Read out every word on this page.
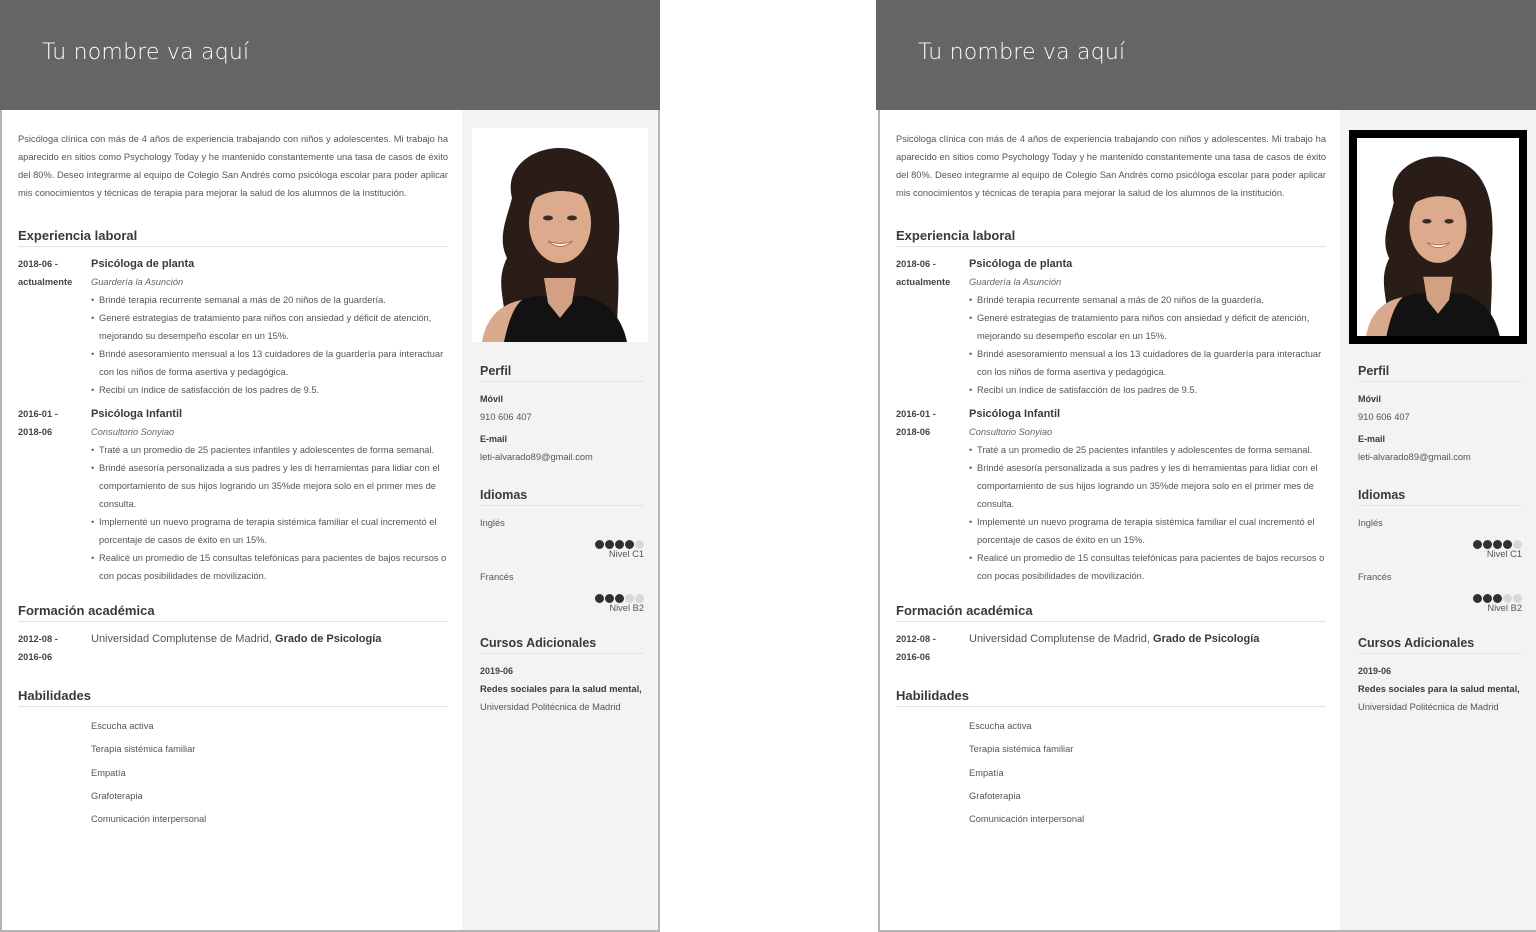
Tu nombre va aquí

Psicóloga clínica con más de 4 años de experiencia trabajando con niños y adolescentes. Mi trabajo ha aparecido en sitios como Psychology Today y he mantenido constantemente una tasa de casos de éxito del 80%. Deseo integrarme al equipo de Colegio San Andrés como psicóloga escolar para poder aplicar mis conocimientos y técnicas de terapia para mejorar la salud de los alumnos de la institución.

Experiencia laboral
2018-06 -
actualmente
Psicóloga de planta
Guardería la Asunción
• Brindé terapia recurrente semanal a más de 20 niños de la guardería.
• Generé estrategias de tratamiento para niños con ansiedad y déficit de atención, mejorando su desempeño escolar en un 15%.
• Brindé asesoramiento mensual a los 13 cuidadores de la guardería para interactuar con los niños de forma asertiva y pedagógica.
• Recibí un índice de satisfacción de los padres de 9.5.
2016-01 -
2018-06
Psicóloga Infantil
Consultorio Sonyiao
• Traté a un promedio de 25 pacientes infantiles y adolescentes de forma semanal.
• Brindé asesoría personalizada a sus padres y les di herramientas para lidiar con el comportamiento de sus hijos logrando un 35%de mejora solo en el primer mes de consulta.
• Implementé un nuevo programa de terapia sistémica familiar el cual incrementó el porcentaje de casos de éxito en un 15%.
• Realicé un promedio de 15 consultas telefónicas para pacientes de bajos recursos o con pocas posibilidades de movilización.
Formación académica
2012-08 -
2016-06
Universidad Complutense de Madrid, Grado de Psicología
Habilidades
Escucha activa
Terapia sistémica familiar
Empatía
Grafoterapia
Comunicación interpersonal
Perfil
Móvil
910 606 407
E-mail
leti-alvarado89@gmail.com
Idiomas
Inglés
Nivel C1
Francés
Nivel B2
Cursos Adicionales
2019-06
Redes sociales para la salud mental, Universidad Politécnica de Madrid
Tu nombre va aquí

Psicóloga clínica con más de 4 años de experiencia trabajando con niños y adolescentes. Mi trabajo ha aparecido en sitios como Psychology Today y he mantenido constantemente una tasa de casos de éxito del 80%. Deseo integrarme al equipo de Colegio San Andrés como psicóloga escolar para poder aplicar mis conocimientos y técnicas de terapia para mejorar la salud de los alumnos de la institución.

Experiencia laboral
2018-06 -
actualmente
Psicóloga de planta
Guardería la Asunción
• Brindé terapia recurrente semanal a más de 20 niños de la guardería.
• Generé estrategias de tratamiento para niños con ansiedad y déficit de atención, mejorando su desempeño escolar en un 15%.
• Brindé asesoramiento mensual a los 13 cuidadores de la guardería para interactuar con los niños de forma asertiva y pedagógica.
• Recibí un índice de satisfacción de los padres de 9.5.
2016-01 -
2018-06
Psicóloga Infantil
Consultorio Sonyiao
• Traté a un promedio de 25 pacientes infantiles y adolescentes de forma semanal.
• Brindé asesoría personalizada a sus padres y les di herramientas para lidiar con el comportamiento de sus hijos logrando un 35%de mejora solo en el primer mes de consulta.
• Implementé un nuevo programa de terapia sistémica familiar el cual incrementó el porcentaje de casos de éxito en un 15%.
• Realicé un promedio de 15 consultas telefónicas para pacientes de bajos recursos o con pocas posibilidades de movilización.
Formación académica
2012-08 -
2016-06
Universidad Complutense de Madrid, Grado de Psicología
Habilidades
Escucha activa
Terapia sistémica familiar
Empatía
Grafoterapia
Comunicación interpersonal
Perfil
Móvil
910 606 407
E-mail
leti-alvarado89@gmail.com
Idiomas
Inglés
Nivel C1
Francés
Nivel B2
Cursos Adicionales
2019-06
Redes sociales para la salud mental, Universidad Politécnica de Madrid
